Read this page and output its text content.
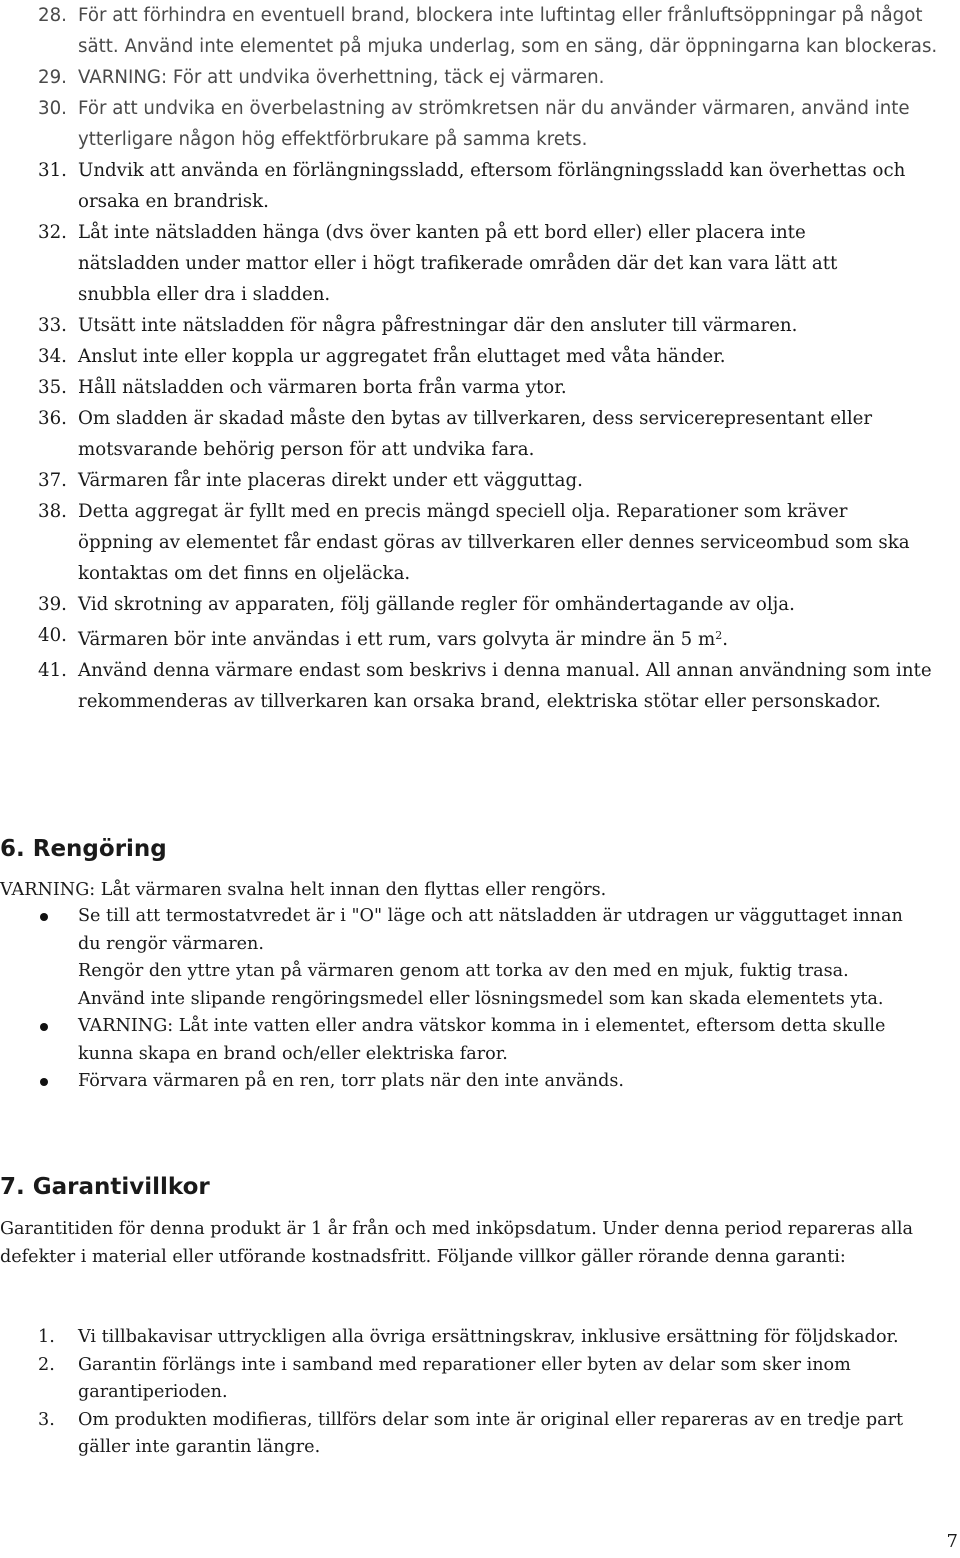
28. För att förhindra en eventuell brand, blockera inte luftintag eller frånluftsöppningar på något sätt. Använd inte elementet på mjuka underlag, som en säng, där öppningarna kan blockeras.
29. VARNING: För att undvika överhettning, täck ej värmaren.
30. För att undvika en överbelastning av strömkretsen när du använder värmaren, använd inte ytterligare någon hög effektförbrukare på samma krets.
31. Undvik att använda en förlängningssladd, eftersom förlängningssladd kan överhettas och orsaka en brandrisk.
32. Låt inte nätsladden hänga (dvs över kanten på ett bord eller) eller placera inte nätsladden under mattor eller i högt trafikerade områden där det kan vara lätt att snubbla eller dra i sladden.
33. Utsätt inte nätsladden för några påfrestningar där den ansluter till värmaren.
34. Anslut inte eller koppla ur aggregatet från eluttaget med våta händer.
35. Håll nätsladden och värmaren borta från varma ytor.
36. Om sladden är skadad måste den bytas av tillverkaren, dess servicerepresentant eller motsvarande behörig person för att undvika fara.
37. Värmaren får inte placeras direkt under ett vägguttag.
38. Detta aggregat är fyllt med en precis mängd speciell olja. Reparationer som kräver öppning av elementet får endast göras av tillverkaren eller dennes serviceombud som ska kontaktas om det finns en oljeläcka.
39. Vid skrotning av apparaten, följ gällande regler för omhändertagande av olja.
40. Värmaren bör inte användas i ett rum, vars golvyta är mindre än 5 $m^2$.
41. Använd denna värmare endast som beskrivs i denna manual. All annan användning som inte rekommenderas av tillverkaren kan orsaka brand, elektriska stötar eller personskador.
6. Rengöring

VARNING: Låt värmaren svalna helt innan den flyttas eller rengörs.

Se till att termostatvredet är i "O" läge och att nätsladden är utdragen ur vägguttaget innan du rengör värmaren.
Rengör den yttre ytan på värmaren genom att torka av den med en mjuk, fuktig trasa. Använd inte slipande rengöringsmedel eller lösningsmedel som kan skada elementets yta.
VARNING: Låt inte vatten eller andra vätskor komma in i elementet, eftersom detta skulle kunna skapa en brand och/eller elektriska faror.
Förvara värmaren på en ren, torr plats när den inte används.
7. Garantivillkor

Garantitiden för denna produkt är 1 år från och med inköpsdatum. Under denna period repareras alla defekter i material eller utförande kostnadsfritt. Följande villkor gäller rörande denna garanti:

1. Vi tillbakavisar uttryckligen alla övriga ersättningskrav, inklusive ersättning för följdskador.
2. Garantin förlängs inte i samband med reparationer eller byten av delar som sker inom garantiperioden.
3. Om produkten modifieras, tillförs delar som inte är original eller repareras av en tredje part gäller inte garantin längre.
7
